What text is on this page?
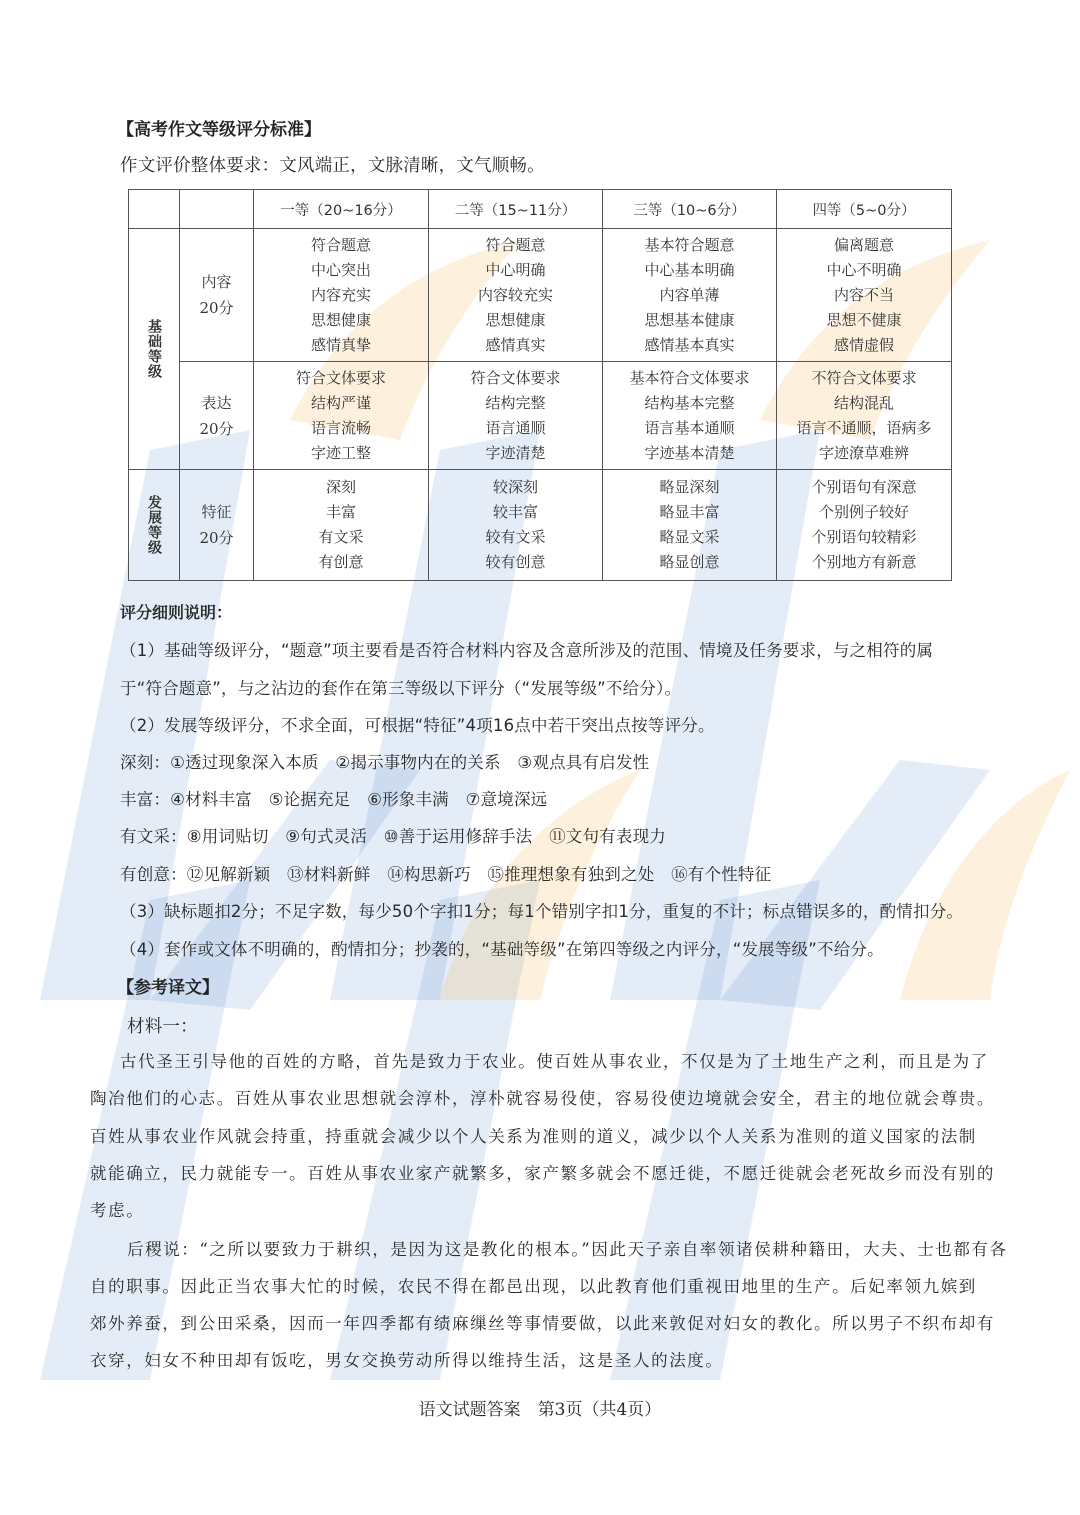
【高考作文等级评分标准】
作文评价整体要求：文风端正，文脉清晰，文气顺畅。
		一等（20~16分）	二等（15~11分）	三等（10~6分）	四等（5~0分）

基础等级	内容
20分	符合题意
中心突出
内容充实
思想健康
感情真挚	符合题意
中心明确
内容较充实
思想健康
感情真实	基本符合题意
中心基本明确
内容单薄
思想基本健康
感情基本真实	偏离题意
中心不明确
内容不当
思想不健康
感情虚假

	表达
20分	符合文体要求
结构严谨
语言流畅
字迹工整	符合文体要求
结构完整
语言通顺
字迹清楚	基本符合文体要求
结构基本完整
语言基本通顺
字迹基本清楚	不符合文体要求
结构混乱
语言不通顺，语病多
字迹潦草难辨

发展等级	特征
20分	深刻
丰富
有文采
有创意	较深刻
较丰富
较有文采
较有创意	略显深刻
略显丰富
略显文采
略显创意	个别语句有深意
个别例子较好
个别语句较精彩
个别地方有新意
评分细则说明：
（1）基础等级评分，“题意”项主要看是否符合材料内容及含意所涉及的范围、情境及任务要求，与之相符的属
于“符合题意”，与之沾边的套作在第三等级以下评分（“发展等级”不给分）。
（2）发展等级评分，不求全面，可根据“特征”4项16点中若干突出点按等评分。
深刻：①透过现象深入本质　②揭示事物内在的关系　③观点具有启发性
丰富：④材料丰富　⑤论据充足　⑥形象丰满　⑦意境深远
有文采：⑧用词贴切　⑨句式灵活　⑩善于运用修辞手法　⑪文句有表现力
有创意：⑫见解新颖　⑬材料新鲜　⑭构思新巧　⑮推理想象有独到之处　⑯有个性特征
（3）缺标题扣2分；不足字数，每少50个字扣1分；每1个错别字扣1分，重复的不计；标点错误多的，酌情扣分。
（4）套作或文体不明确的，酌情扣分；抄袭的，“基础等级”在第四等级之内评分，“发展等级”不给分。
【参考译文】
材料一：
古代圣王引导他的百姓的方略，首先是致力于农业。使百姓从事农业，不仅是为了土地生产之利，而且是为了
陶冶他们的心志。百姓从事农业思想就会淳朴，淳朴就容易役使，容易役使边境就会安全，君主的地位就会尊贵。
百姓从事农业作风就会持重，持重就会减少以个人关系为准则的道义，减少以个人关系为准则的道义国家的法制
就能确立，民力就能专一。百姓从事农业家产就繁多，家产繁多就会不愿迁徙，不愿迁徙就会老死故乡而没有别的
考虑。
后稷说：“之所以要致力于耕织，是因为这是教化的根本。”因此天子亲自率领诸侯耕种籍田，大夫、士也都有各
自的职事。因此正当农事大忙的时候，农民不得在都邑出现，以此教育他们重视田地里的生产。后妃率领九嫔到
郊外养蚕，到公田采桑，因而一年四季都有绩麻缫丝等事情要做，以此来敦促对妇女的教化。所以男子不织布却有
衣穿，妇女不种田却有饭吃，男女交换劳动所得以维持生活，这是圣人的法度。
语文试题答案　第3页（共4页）
